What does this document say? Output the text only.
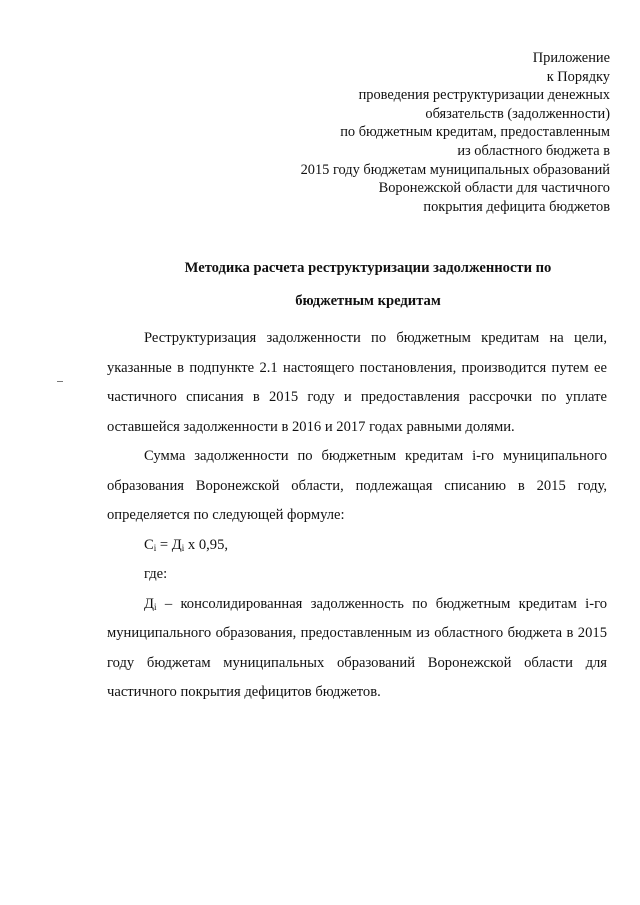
Приложение
к Порядку
проведения реструктуризации денежных
обязательств (задолженности)
по бюджетным кредитам, предоставленным
из областного бюджета в
2015 году бюджетам муниципальных образований
Воронежской области для частичного
покрытия дефицита бюджетов
Методика расчета реструктуризации задолженности по
бюджетным кредитам

Реструктуризация задолженности по бюджетным кредитам на цели, указанные в подпункте 2.1 настоящего постановления, производится путем ее частичного списания в 2015 году и предоставления рассрочки по уплате оставшейся задолженности в 2016 и 2017 годах равными долями.

Сумма задолженности по бюджетным кредитам i-го муниципального образования Воронежской области, подлежащая списанию в 2015 году, определяется по следующей формуле:

$С_i = Д_i$ х 0,95,

где:

$Д_i$ – консолидированная задолженность по бюджетным кредитам i-го муниципального образования, предоставленным из областного бюджета в 2015 году бюджетам муниципальных образований Воронежской области для частичного покрытия дефицитов бюджетов.
